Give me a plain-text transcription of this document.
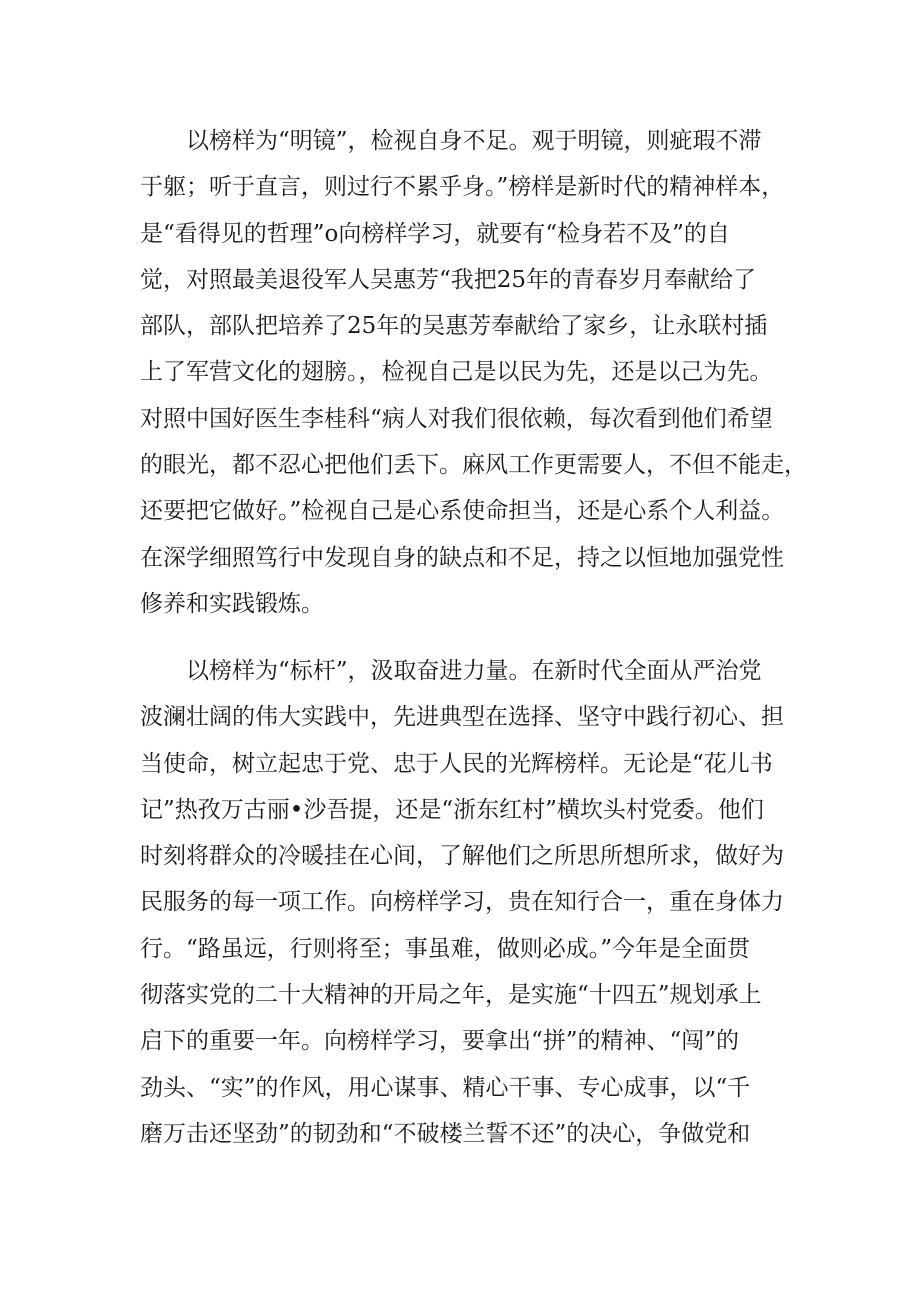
以榜样为“明镜”，检视自身不足。观于明镜，则疵瑕不滞
于躯；听于直言，则过行不累乎身。”榜样是新时代的精神样本，
是“看得见的哲理”o向榜样学习，就要有“检身若不及”的自
觉，对照最美退役军人吴惠芳“我把25年的青春岁月奉献给了
部队，部队把培养了25年的吴惠芳奉献给了家乡，让永联村插
上了军营文化的翅膀。，检视自己是以民为先，还是以己为先。
对照中国好医生李桂科“病人对我们很依赖，每次看到他们希望
的眼光，都不忍心把他们丢下。麻风工作更需要人，不但不能走，
还要把它做好。”检视自己是心系使命担当，还是心系个人利益。
在深学细照笃行中发现自身的缺点和不足，持之以恒地加强党性
修养和实践锻炼。
以榜样为“标杆”，汲取奋进力量。在新时代全面从严治党
波澜壮阔的伟大实践中，先进典型在选择、坚守中践行初心、担
当使命，树立起忠于党、忠于人民的光辉榜样。无论是“花儿书
记”热孜万古丽•沙吾提，还是“浙东红村”横坎头村党委。他们
时刻将群众的冷暖挂在心间，了解他们之所思所想所求，做好为
民服务的每一项工作。向榜样学习，贵在知行合一，重在身体力
行。“路虽远，行则将至；事虽难，做则必成。”今年是全面贯
彻落实党的二十大精神的开局之年，是实施“十四五”规划承上
启下的重要一年。向榜样学习，要拿出“拼”的精神、“闯”的
劲头、“实”的作风，用心谋事、精心干事、专心成事，以“千
磨万击还坚劲”的韧劲和“不破楼兰誓不还”的决心，争做党和
